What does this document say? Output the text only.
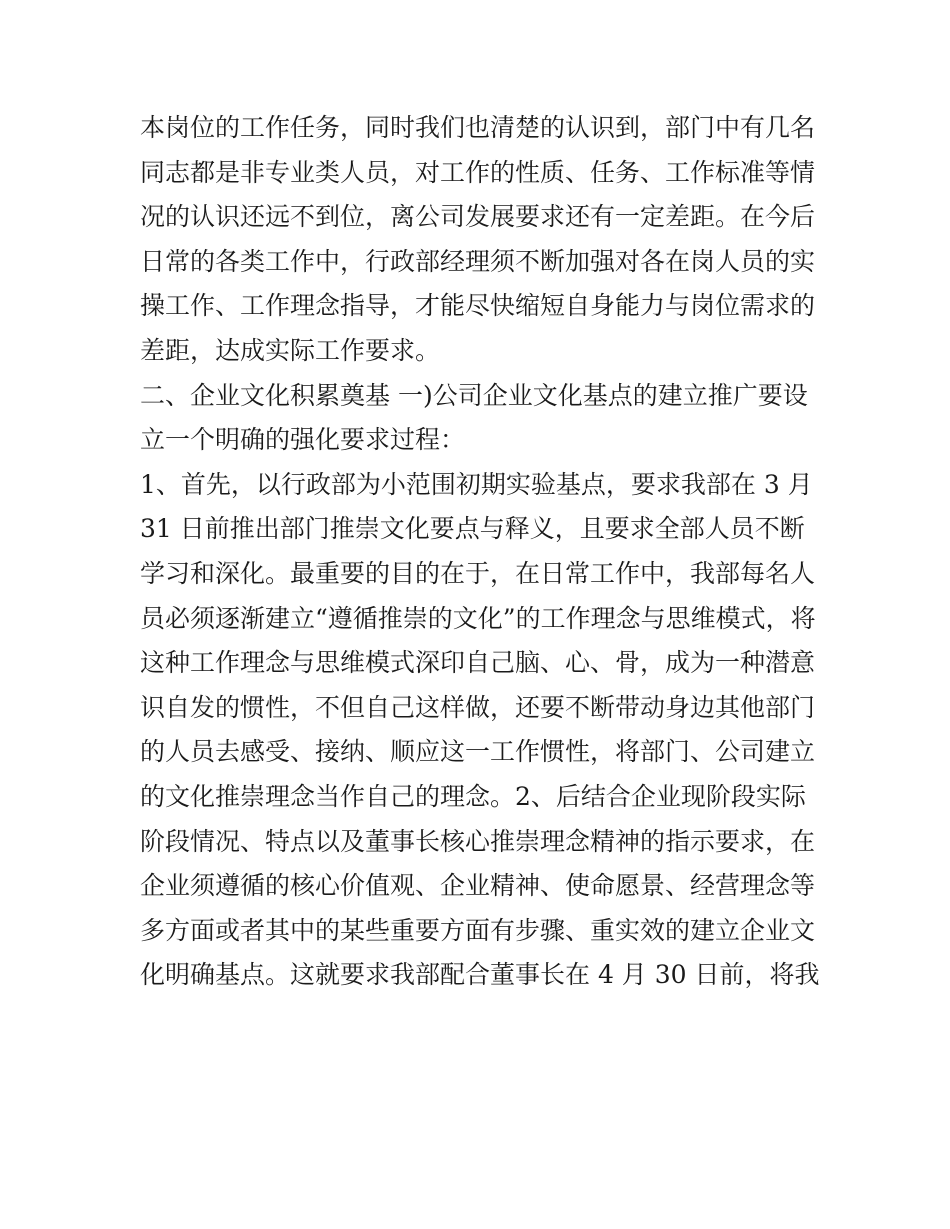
本岗位的工作任务，同时我们也清楚的认识到，部门中有几名
同志都是非专业类人员，对工作的性质、任务、工作标准等情
况的认识还远不到位，离公司发展要求还有一定差距。在今后
日常的各类工作中，行政部经理须不断加强对各在岗人员的实
操工作、工作理念指导，才能尽快缩短自身能力与岗位需求的
差距，达成实际工作要求。
二、企业文化积累奠基 一)公司企业文化基点的建立推广要设
立一个明确的强化要求过程：
1、首先，以行政部为小范围初期实验基点，要求我部在 3 月
31 日前推出部门推崇文化要点与释义，且要求全部人员不断
学习和深化。最重要的目的在于，在日常工作中，我部每名人
员必须逐渐建立“遵循推崇的文化”的工作理念与思维模式，将
这种工作理念与思维模式深印自己脑、心、骨，成为一种潜意
识自发的惯性，不但自己这样做，还要不断带动身边其他部门
的人员去感受、接纳、顺应这一工作惯性，将部门、公司建立
的文化推崇理念当作自己的理念。2、后结合企业现阶段实际
阶段情况、特点以及董事长核心推崇理念精神的指示要求，在
企业须遵循的核心价值观、企业精神、使命愿景、经营理念等
多方面或者其中的某些重要方面有步骤、重实效的建立企业文
化明确基点。这就要求我部配合董事长在 4 月 30 日前，将我
